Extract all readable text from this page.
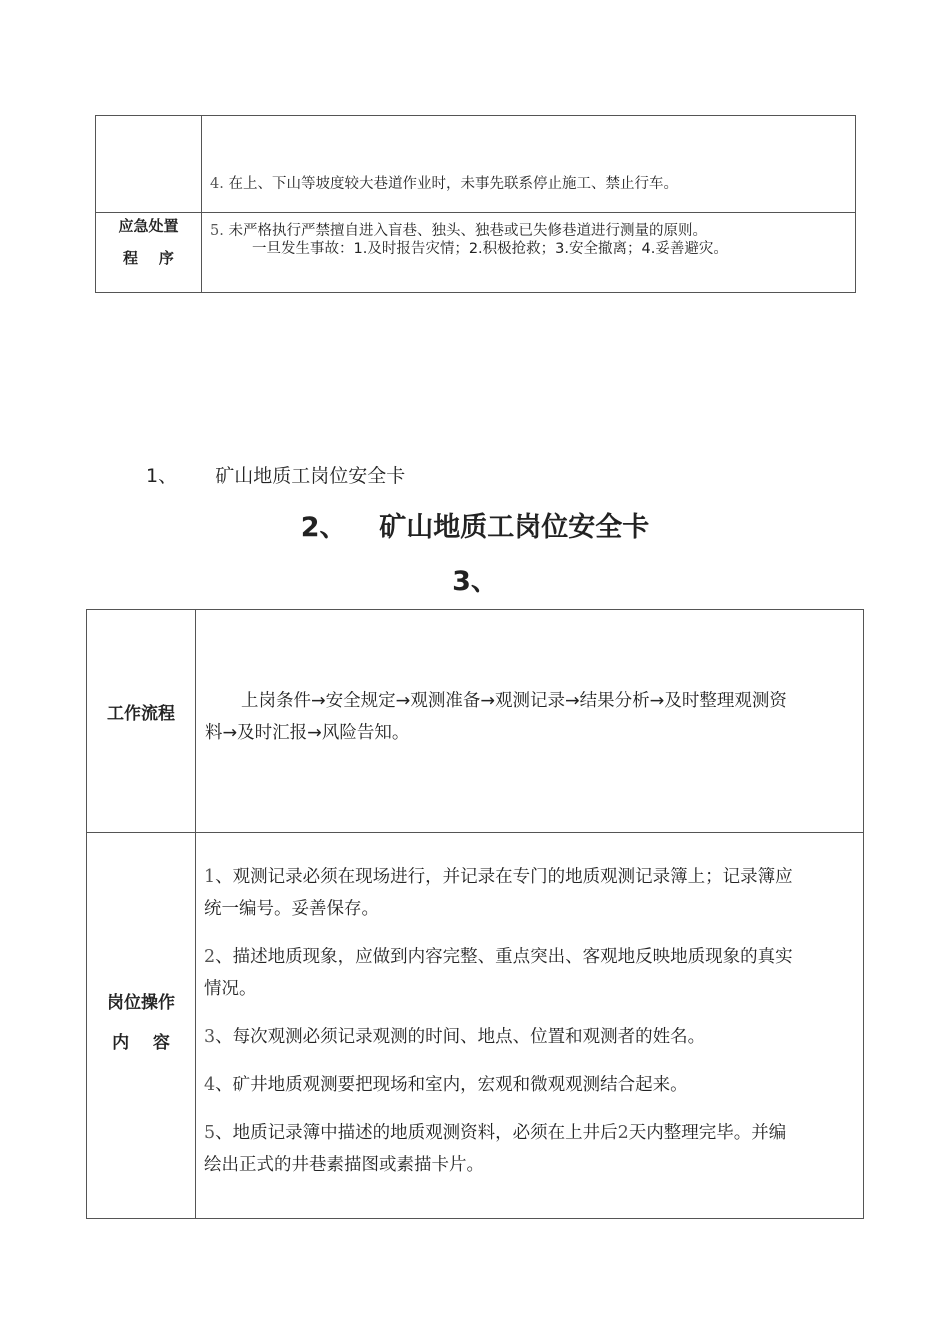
4. 在上、下山等坡度较大巷道作业时，未事先联系停止施工、禁止行车。
应急处置
程    序
5. 未严格执行严禁擅自进入盲巷、独头、独巷或已失修巷道进行测量的原则。
一旦发生事故：1.及时报告灾情；2.积极抢救；3.安全撤离；4.妥善避灾。
1、 矿山地质工岗位安全卡
2、 矿山地质工岗位安全卡
3、
工作流程
上岗条件→安全规定→观测准备→观测记录→结果分析→及时整理观测资
料→及时汇报→风险告知。
岗位操作
内    容
1、观测记录必须在现场进行，并记录在专门的地质观测记录簿上；记录簿应
统一编号。妥善保存。
2、描述地质现象，应做到内容完整、重点突出、客观地反映地质现象的真实
情况。
3、每次观测必须记录观测的时间、地点、位置和观测者的姓名。
4、矿井地质观测要把现场和室内，宏观和微观观测结合起来。
5、地质记录簿中描述的地质观测资料，必须在上井后2天内整理完毕。并编
绘出正式的井巷素描图或素描卡片。
